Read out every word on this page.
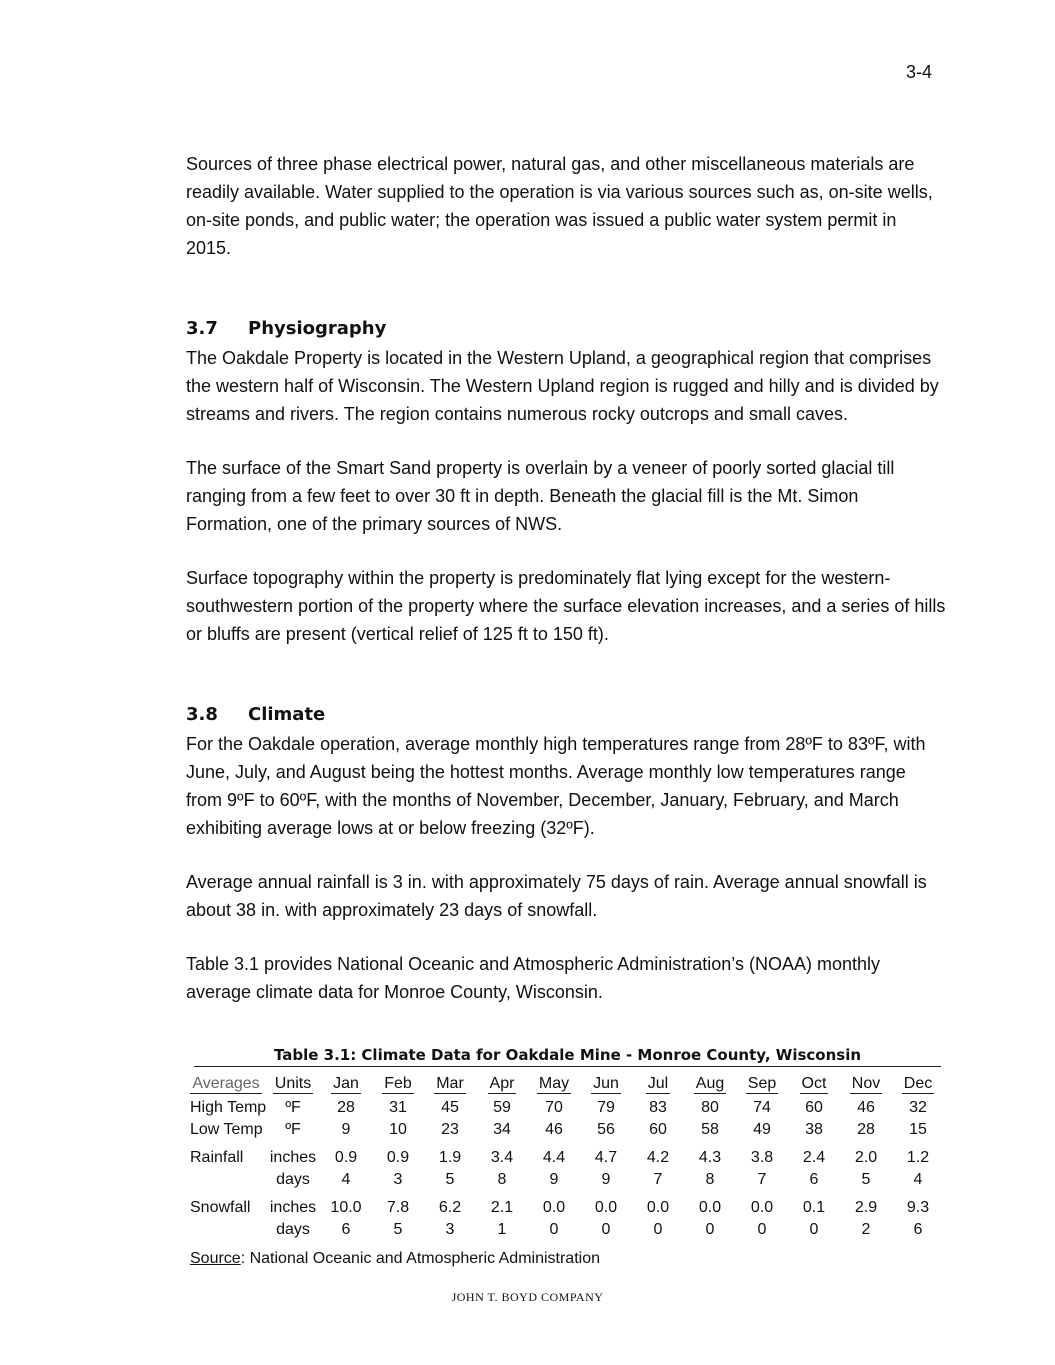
3-4

Sources of three phase electrical power, natural gas, and other miscellaneous materials are readily available. Water supplied to the operation is via various sources such as, on-site wells, on-site ponds, and public water; the operation was issued a public water system permit in 2015.

3.7 Physiography

The Oakdale Property is located in the Western Upland, a geographical region that comprises the western half of Wisconsin. The Western Upland region is rugged and hilly and is divided by streams and rivers. The region contains numerous rocky outcrops and small caves.

The surface of the Smart Sand property is overlain by a veneer of poorly sorted glacial till ranging from a few feet to over 30 ft in depth. Beneath the glacial fill is the Mt. Simon Formation, one of the primary sources of NWS.

Surface topography within the property is predominately flat lying except for the western-southwestern portion of the property where the surface elevation increases, and a series of hills or bluffs are present (vertical relief of 125 ft to 150 ft).

3.8 Climate

For the Oakdale operation, average monthly high temperatures range from 28ºF to 83ºF, with June, July, and August being the hottest months. Average monthly low temperatures range from 9ºF to 60ºF, with the months of November, December, January, February, and March exhibiting average lows at or below freezing (32ºF).

Average annual rainfall is 3 in. with approximately 75 days of rain. Average annual snowfall is about 38 in. with approximately 23 days of snowfall.

Table 3.1 provides National Oceanic and Atmospheric Administration’s (NOAA) monthly average climate data for Monroe County, Wisconsin.

Table 3.1: Climate Data for Oakdale Mine - Monroe County, Wisconsin
Averages	Units	Jan	Feb	Mar	Apr	May	Jun	Jul	Aug	Sep	Oct	Nov	Dec
High Temp	ºF	28	31	45	59	70	79	83	80	74	60	46	32
Low Temp	ºF	9	10	23	34	46	56	60	58	49	38	28	15
Rainfall	inches	0.9	0.9	1.9	3.4	4.4	4.7	4.2	4.3	3.8	2.4	2.0	1.2
	days	4	3	5	8	9	9	7	8	7	6	5	4
Snowfall	inches	10.0	7.8	6.2	2.1	0.0	0.0	0.0	0.0	0.0	0.1	2.9	9.3
	days	6	5	3	1	0	0	0	0	0	0	2	6
Source: National Oceanic and Atmospheric Administration
JOHN T. BOYD COMPANY
